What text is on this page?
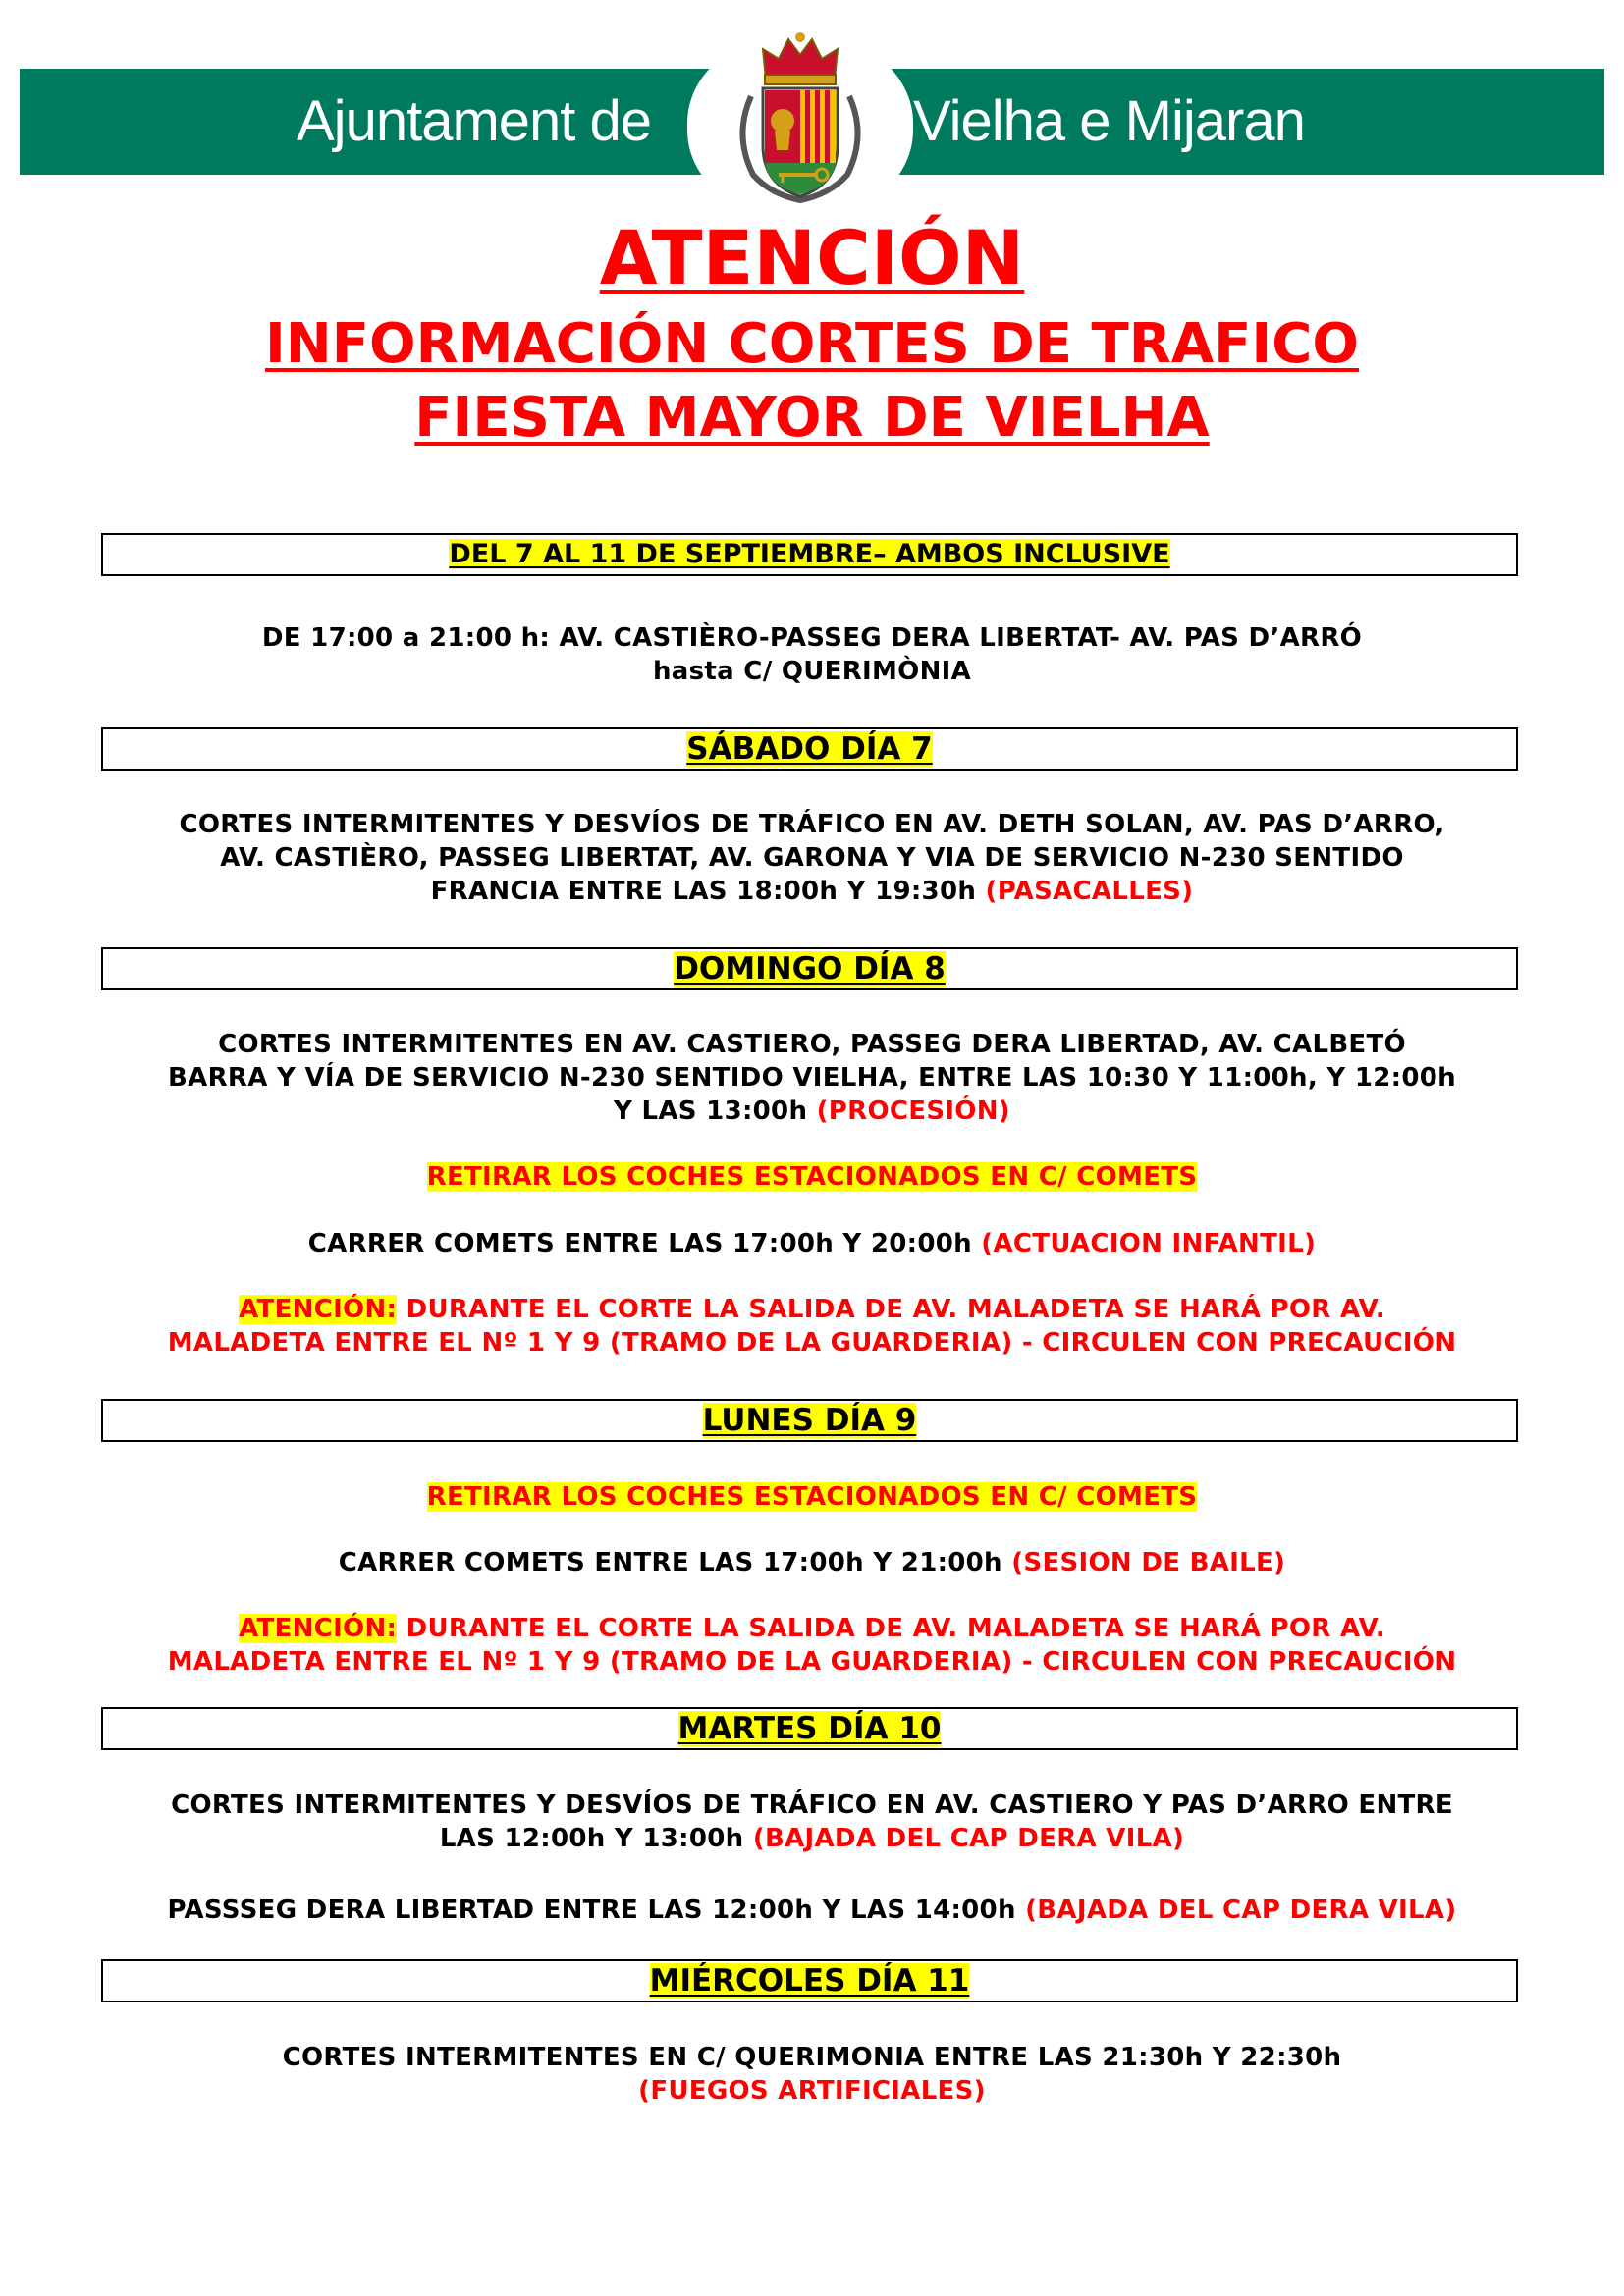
Ajuntament de	Vielha e Mijaran
ATENCIÓN
INFORMACIÓN CORTES DE TRAFICO
FIESTA MAYOR DE VIELHA
DEL 7 AL 11 DE SEPTIEMBRE– AMBOS INCLUSIVE
DE 17:00 a 21:00 h: AV. CASTIÈRO-PASSEG DERA LIBERTAT- AV. PAS D’ARRÓ
hasta C/ QUERIMÒNIA
SÁBADO DÍA 7
CORTES INTERMITENTES Y DESVÍOS DE TRÁFICO EN AV. DETH SOLAN, AV. PAS D’ARRO,
AV. CASTIÈRO, PASSEG LIBERTAT, AV. GARONA Y VIA DE SERVICIO N-230 SENTIDO
FRANCIA ENTRE LAS 18:00h Y 19:30h (PASACALLES)
DOMINGO DÍA 8
CORTES INTERMITENTES EN AV. CASTIERO, PASSEG DERA LIBERTAD, AV. CALBETÓ
BARRA Y VÍA DE SERVICIO N-230 SENTIDO VIELHA, ENTRE LAS 10:30 Y 11:00h, Y 12:00h
Y LAS 13:00h (PROCESIÓN)
RETIRAR LOS COCHES ESTACIONADOS EN C/ COMETS
CARRER COMETS ENTRE LAS 17:00h Y 20:00h (ACTUACION INFANTIL)
ATENCIÓN: DURANTE EL CORTE LA SALIDA DE AV. MALADETA SE HARÁ POR AV.
MALADETA ENTRE EL Nº 1 Y 9 (TRAMO DE LA GUARDERIA) - CIRCULEN CON PRECAUCIÓN
LUNES DÍA 9
RETIRAR LOS COCHES ESTACIONADOS EN C/ COMETS
CARRER COMETS ENTRE LAS 17:00h Y 21:00h (SESION DE BAILE)
ATENCIÓN: DURANTE EL CORTE LA SALIDA DE AV. MALADETA SE HARÁ POR AV.
MALADETA ENTRE EL Nº 1 Y 9 (TRAMO DE LA GUARDERIA) - CIRCULEN CON PRECAUCIÓN
MARTES DÍA 10
CORTES INTERMITENTES Y DESVÍOS DE TRÁFICO EN AV. CASTIERO Y PAS D’ARRO ENTRE
LAS 12:00h Y 13:00h (BAJADA DEL CAP DERA VILA)
PASSSEG DERA LIBERTAD ENTRE LAS 12:00h Y LAS 14:00h (BAJADA DEL CAP DERA VILA)
MIÉRCOLES DÍA 11
CORTES INTERMITENTES EN C/ QUERIMONIA ENTRE LAS 21:30h Y 22:30h
(FUEGOS ARTIFICIALES)
